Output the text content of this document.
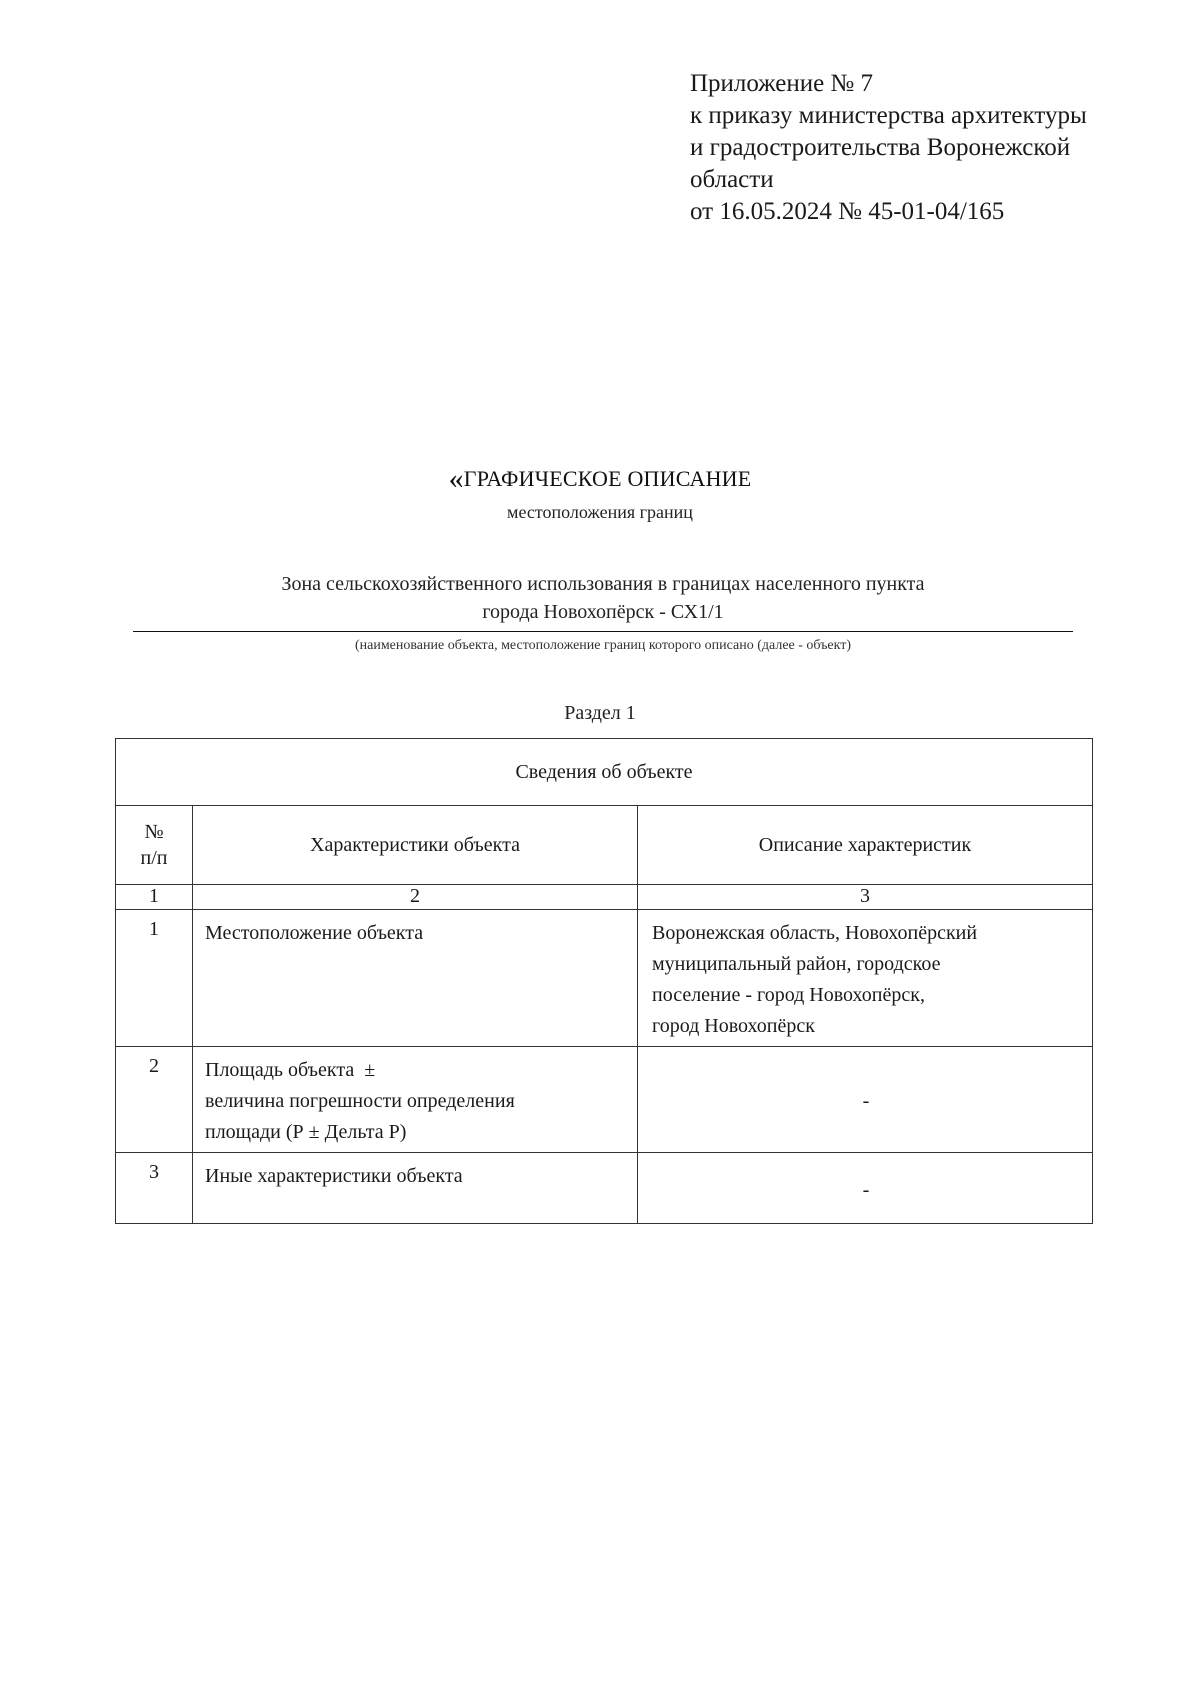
Приложение № 7
к приказу министерства архитектуры
и градостроительства Воронежской
области
от 16.05.2024 № 45-01-04/165
«ГРАФИЧЕСКОЕ ОПИСАНИЕ
местоположения границ
Зона сельскохозяйственного использования в границах населенного пункта
города Новохопёрск - СХ1/1
(наименование объекта, местоположение границ которого описано (далее - объект)
Раздел 1
Сведения об объекте		

№
п/п	Характеристики объекта	Описание характеристик
1	2	3
1	Местоположение объекта	Воронежская область, Новохопёрский
муниципальный район, городское
поселение - город Новохопёрск,
город Новохопёрск

2	Площадь объекта  ±
величина погрешности определения
площади (Р ± Дельта Р)	-
3	Иные характеристики объекта	-
